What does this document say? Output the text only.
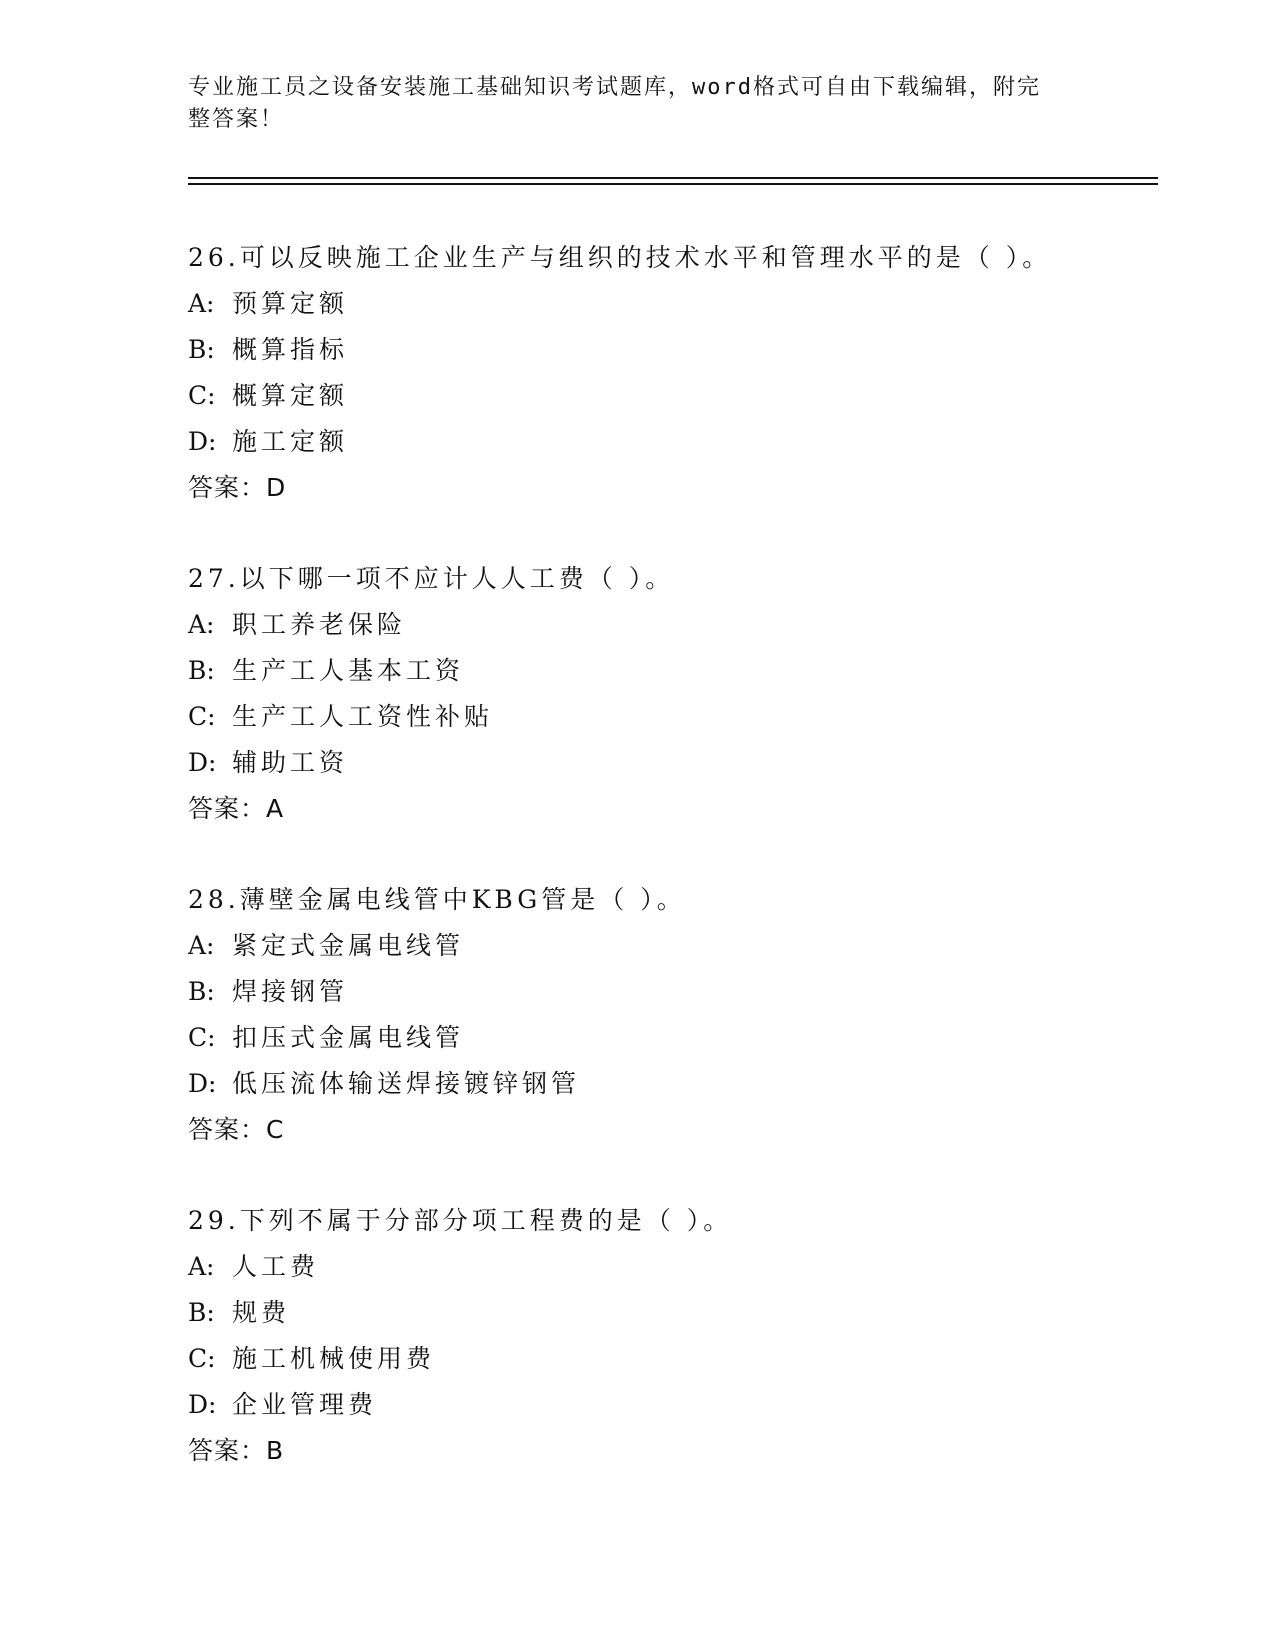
专业施工员之设备安装施工基础知识考试题库，word格式可自由下载编辑，附完
整答案！
26.可以反映施工企业生产与组织的技术水平和管理水平的是（ ）。
A: 预算定额
B: 概算指标
C: 概算定额
D: 施工定额
答案：D
27.以下哪一项不应计人人工费（ ）。
A: 职工养老保险
B: 生产工人基本工资
C: 生产工人工资性补贴
D: 辅助工资
答案：A
28.薄壁金属电线管中KBG管是（ ）。
A: 紧定式金属电线管
B: 焊接钢管
C: 扣压式金属电线管
D: 低压流体输送焊接镀锌钢管
答案：C
29.下列不属于分部分项工程费的是（ ）。
A: 人工费
B: 规费
C: 施工机械使用费
D: 企业管理费
答案：B
